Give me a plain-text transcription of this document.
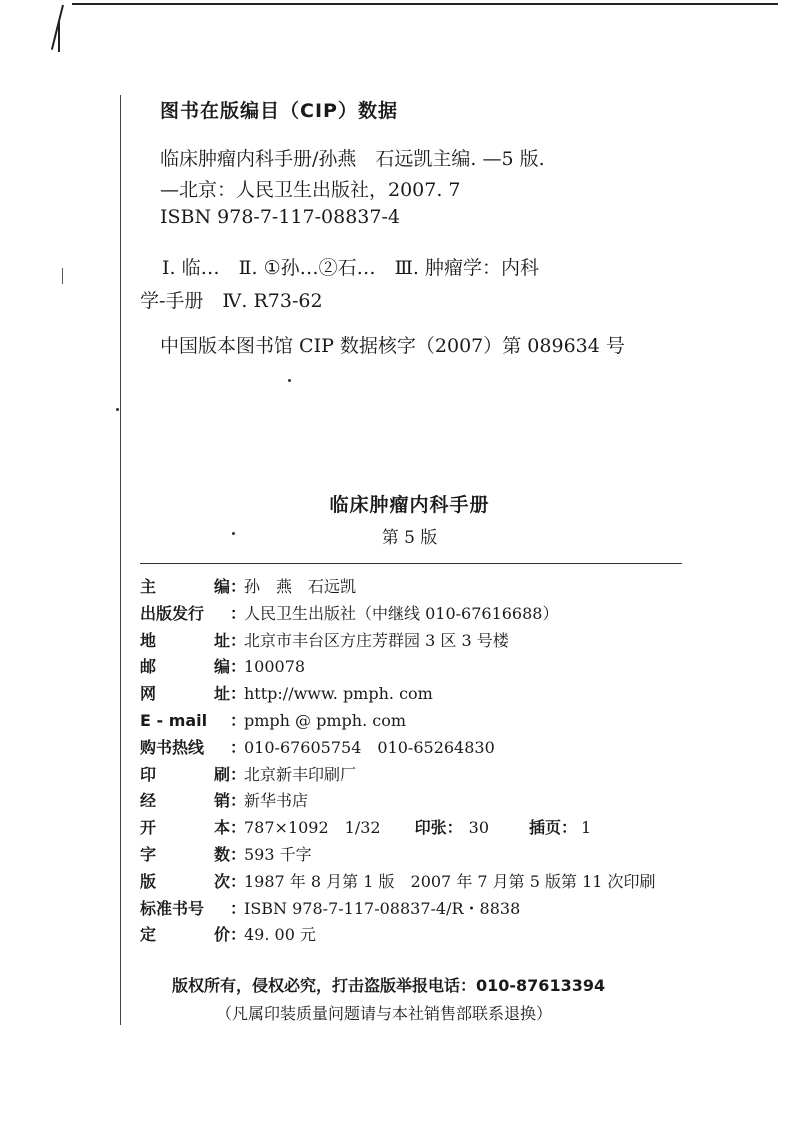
图书在版编目（CIP）数据
临床肿瘤内科手册/孙燕　石远凯主编. —5 版.
—北京：人民卫生出版社，2007. 7
ISBN 978-7-117-08837-4
Ⅰ. 临…　Ⅱ. ①孙…②石…　Ⅲ. 肿瘤学：内科
学-手册　Ⅳ. R73-62
中国版本图书馆 CIP 数据核字（2007）第 089634 号
临床肿瘤内科手册
第 5 版
主	编 ：
孙　燕　石远凯
出版发行 ：
人民卫生出版社（中继线 010-67616688）
地	址 ：
北京市丰台区方庄芳群园 3 区 3 号楼
邮	编 ：
100078
网	址 ：
http://www. pmph. com
E - mail ：
pmph @ pmph. com
购书热线 ：
010-67605754　010-65264830
印	刷 ：
北京新丰印刷厂
经	销 ：
新华书店
开	本 ：
787×1092　1/32 印张 ： 30	插页 ： 1
字	数 ：
593 千字
版	次 ：
1987 年 8 月第 1 版　2007 年 7 月第 5 版第 11 次印刷
标准书号 ：
ISBN 978-7-117-08837-4/R・8838
定	价 ：
49. 00 元
版权所有，侵权必究，打击盗版举报电话：010-87613394
（凡属印装质量问题请与本社销售部联系退换）
